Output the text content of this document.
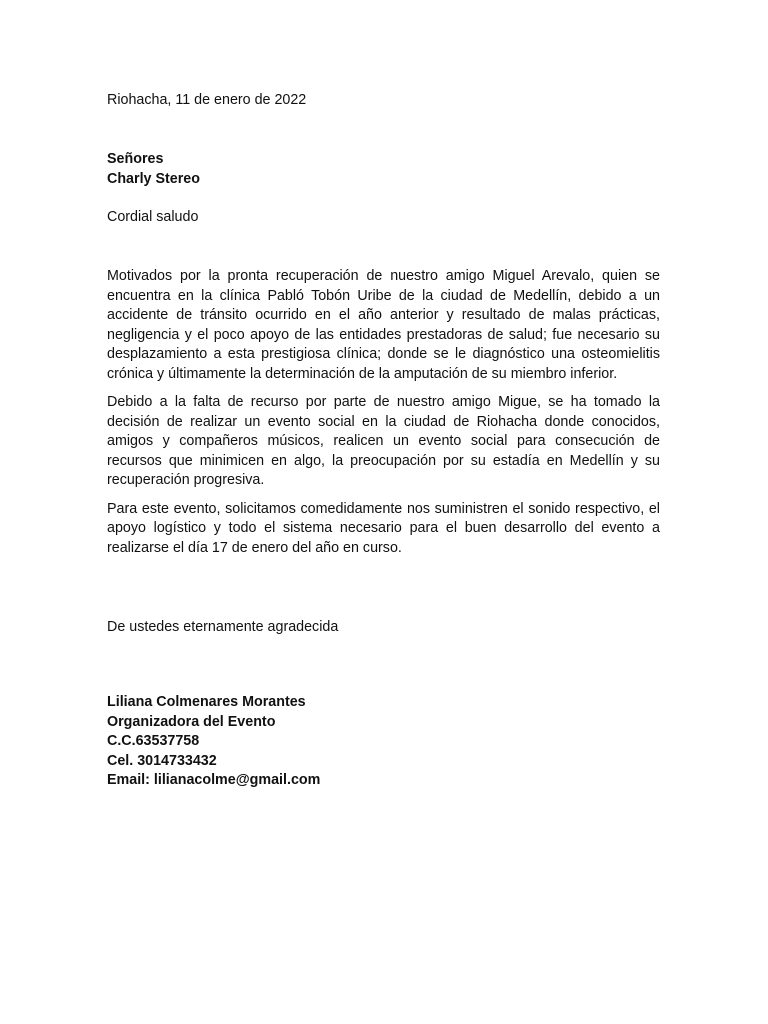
Riohacha, 11 de enero de 2022
Señores
Charly Stereo
Cordial saludo

Motivados por la pronta recuperación de nuestro amigo Miguel Arevalo, quien se encuentra en la clínica Pabló Tobón Uribe de la ciudad de Medellín, debido a un accidente de tránsito ocurrido en el año anterior y resultado de malas prácticas, negligencia y el poco apoyo de las entidades prestadoras de salud; fue necesario su desplazamiento a esta prestigiosa clínica; donde se le diagnóstico una osteomielitis crónica y últimamente la determinación de la amputación de su miembro inferior.

Debido a la falta de recurso por parte de nuestro amigo Migue, se ha tomado la decisión de realizar un evento social en la ciudad de Riohacha donde conocidos, amigos y compañeros músicos, realicen un evento social para consecución de recursos que minimicen en algo, la preocupación por su estadía en Medellín y su recuperación progresiva.

Para este evento, solicitamos comedidamente nos suministren el sonido respectivo, el apoyo logístico y todo el sistema necesario para el buen desarrollo del evento a realizarse el día 17 de enero del año en curso.

De ustedes eternamente agradecida
Liliana Colmenares Morantes
Organizadora del Evento
C.C.63537758
Cel. 3014733432
Email: lilianacolme@gmail.com
